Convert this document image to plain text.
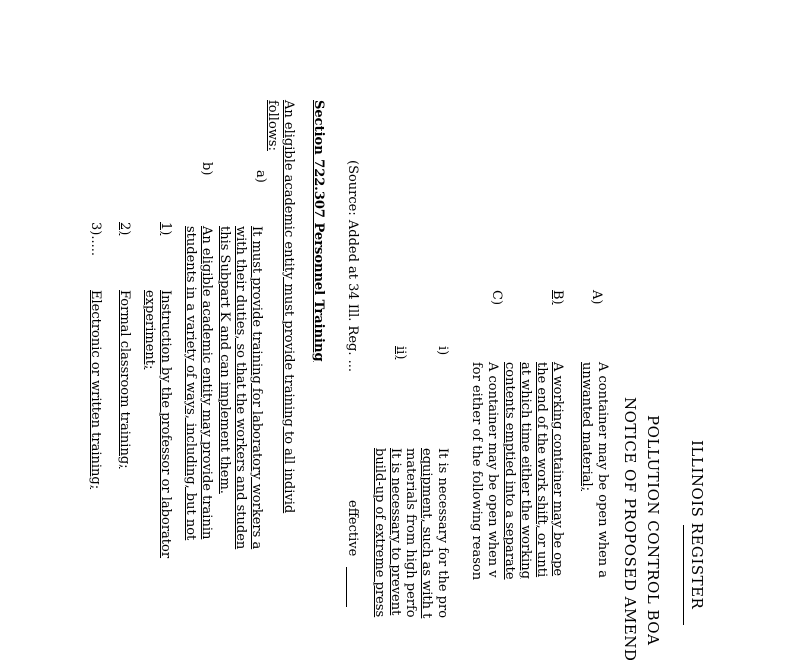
ILLINOIS REGISTER
POLLUTION CONTROL BOA
NOTICE OF PROPOSED AMEND
A)
A container may be open when a
unwanted material;
B)
A working container may be ope
the end of the work shift, or unti
at which time either the working
contents emptied into a separate
C)
A container may be open when v
for either of the following reason
i)
It is necessary for the pro
equipment, such as with t
materials from high perfo
ii)
It is necessary to prevent
build-up of extreme press
(Source: Added at 34 Ill. Reg. ...
effective
Section 722.307 Personnel Training
An eligible academic entity must provide training to all individ
follows:
a)
It must provide training for laboratory workers a
with their duties, so that the workers and studen
this Subpart K and can implement them.
b)
An eligible academic entity may provide trainin
students in a variety of ways, including, but not
1)
Instruction by the professor or laborator
experiment;
2)
Formal classroom training;
3).....
Electronic or written training;
